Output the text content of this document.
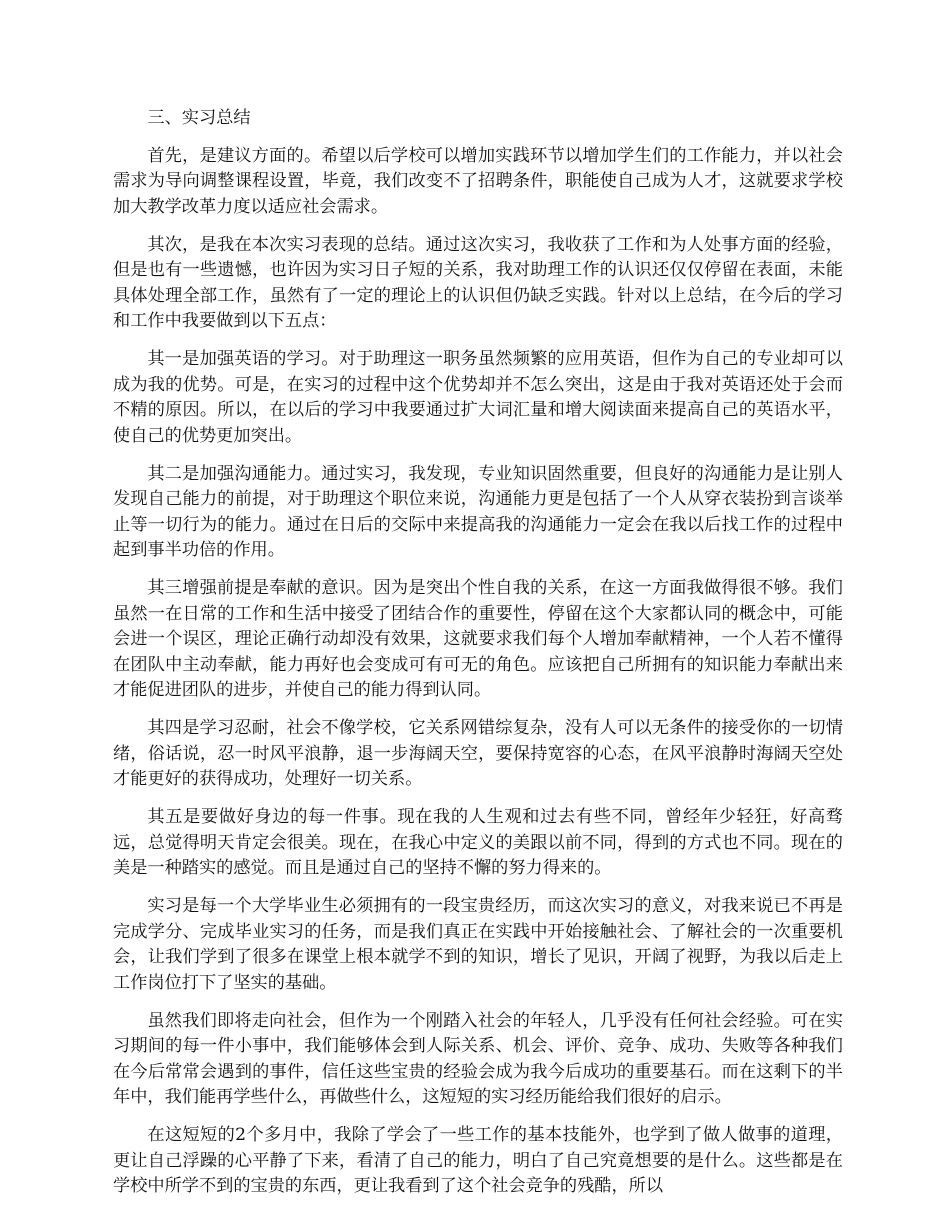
三、实习总结

首先，是建议方面的。希望以后学校可以增加实践环节以增加学生们的工作能力，并以社会需求为导向调整课程设置，毕竟，我们改变不了招聘条件，职能使自己成为人才，这就要求学校加大教学改革力度以适应社会需求。

其次，是我在本次实习表现的总结。通过这次实习，我收获了工作和为人处事方面的经验，但是也有一些遗憾，也许因为实习日子短的关系，我对助理工作的认识还仅仅停留在表面，未能具体处理全部工作，虽然有了一定的理论上的认识但仍缺乏实践。针对以上总结，在今后的学习和工作中我要做到以下五点：

其一是加强英语的学习。对于助理这一职务虽然频繁的应用英语，但作为自己的专业却可以成为我的优势。可是，在实习的过程中这个优势却并不怎么突出，这是由于我对英语还处于会而不精的原因。所以，在以后的学习中我要通过扩大词汇量和增大阅读面来提高自己的英语水平，使自己的优势更加突出。

其二是加强沟通能力。通过实习，我发现，专业知识固然重要，但良好的沟通能力是让别人发现自己能力的前提，对于助理这个职位来说，沟通能力更是包括了一个人从穿衣装扮到言谈举止等一切行为的能力。通过在日后的交际中来提高我的沟通能力一定会在我以后找工作的过程中起到事半功倍的作用。

其三增强前提是奉献的意识。因为是突出个性自我的关系，在这一方面我做得很不够。我们虽然一在日常的工作和生活中接受了团结合作的重要性，停留在这个大家都认同的概念中，可能会进一个误区，理论正确行动却没有效果，这就要求我们每个人增加奉献精神，一个人若不懂得在团队中主动奉献，能力再好也会变成可有可无的角色。应该把自己所拥有的知识能力奉献出来才能促进团队的进步，并使自己的能力得到认同。

其四是学习忍耐，社会不像学校，它关系网错综复杂，没有人可以无条件的接受你的一切情绪，俗话说，忍一时风平浪静，退一步海阔天空，要保持宽容的心态，在风平浪静时海阔天空处才能更好的获得成功，处理好一切关系。

其五是要做好身边的每一件事。现在我的人生观和过去有些不同，曾经年少轻狂，好高骛远，总觉得明天肯定会很美。现在，在我心中定义的美跟以前不同，得到的方式也不同。现在的美是一种踏实的感觉。而且是通过自己的坚持不懈的努力得来的。

实习是每一个大学毕业生必须拥有的一段宝贵经历，而这次实习的意义，对我来说已不再是完成学分、完成毕业实习的任务，而是我们真正在实践中开始接触社会、了解社会的一次重要机会，让我们学到了很多在课堂上根本就学不到的知识，增长了见识，开阔了视野，为我以后走上工作岗位打下了坚实的基础。

虽然我们即将走向社会，但作为一个刚踏入社会的年轻人，几乎没有任何社会经验。可在实习期间的每一件小事中，我们能够体会到人际关系、机会、评价、竞争、成功、失败等各种我们在今后常常会遇到的事件，信任这些宝贵的经验会成为我今后成功的重要基石。而在这剩下的半年中，我们能再学些什么，再做些什么，这短短的实习经历能给我们很好的启示。

在这短短的2个多月中，我除了学会了一些工作的基本技能外，也学到了做人做事的道理，更让自己浮躁的心平静了下来，看清了自己的能力，明白了自己究竟想要的是什么。这些都是在学校中所学不到的宝贵的东西，更让我看到了这个社会竞争的残酷，所以
